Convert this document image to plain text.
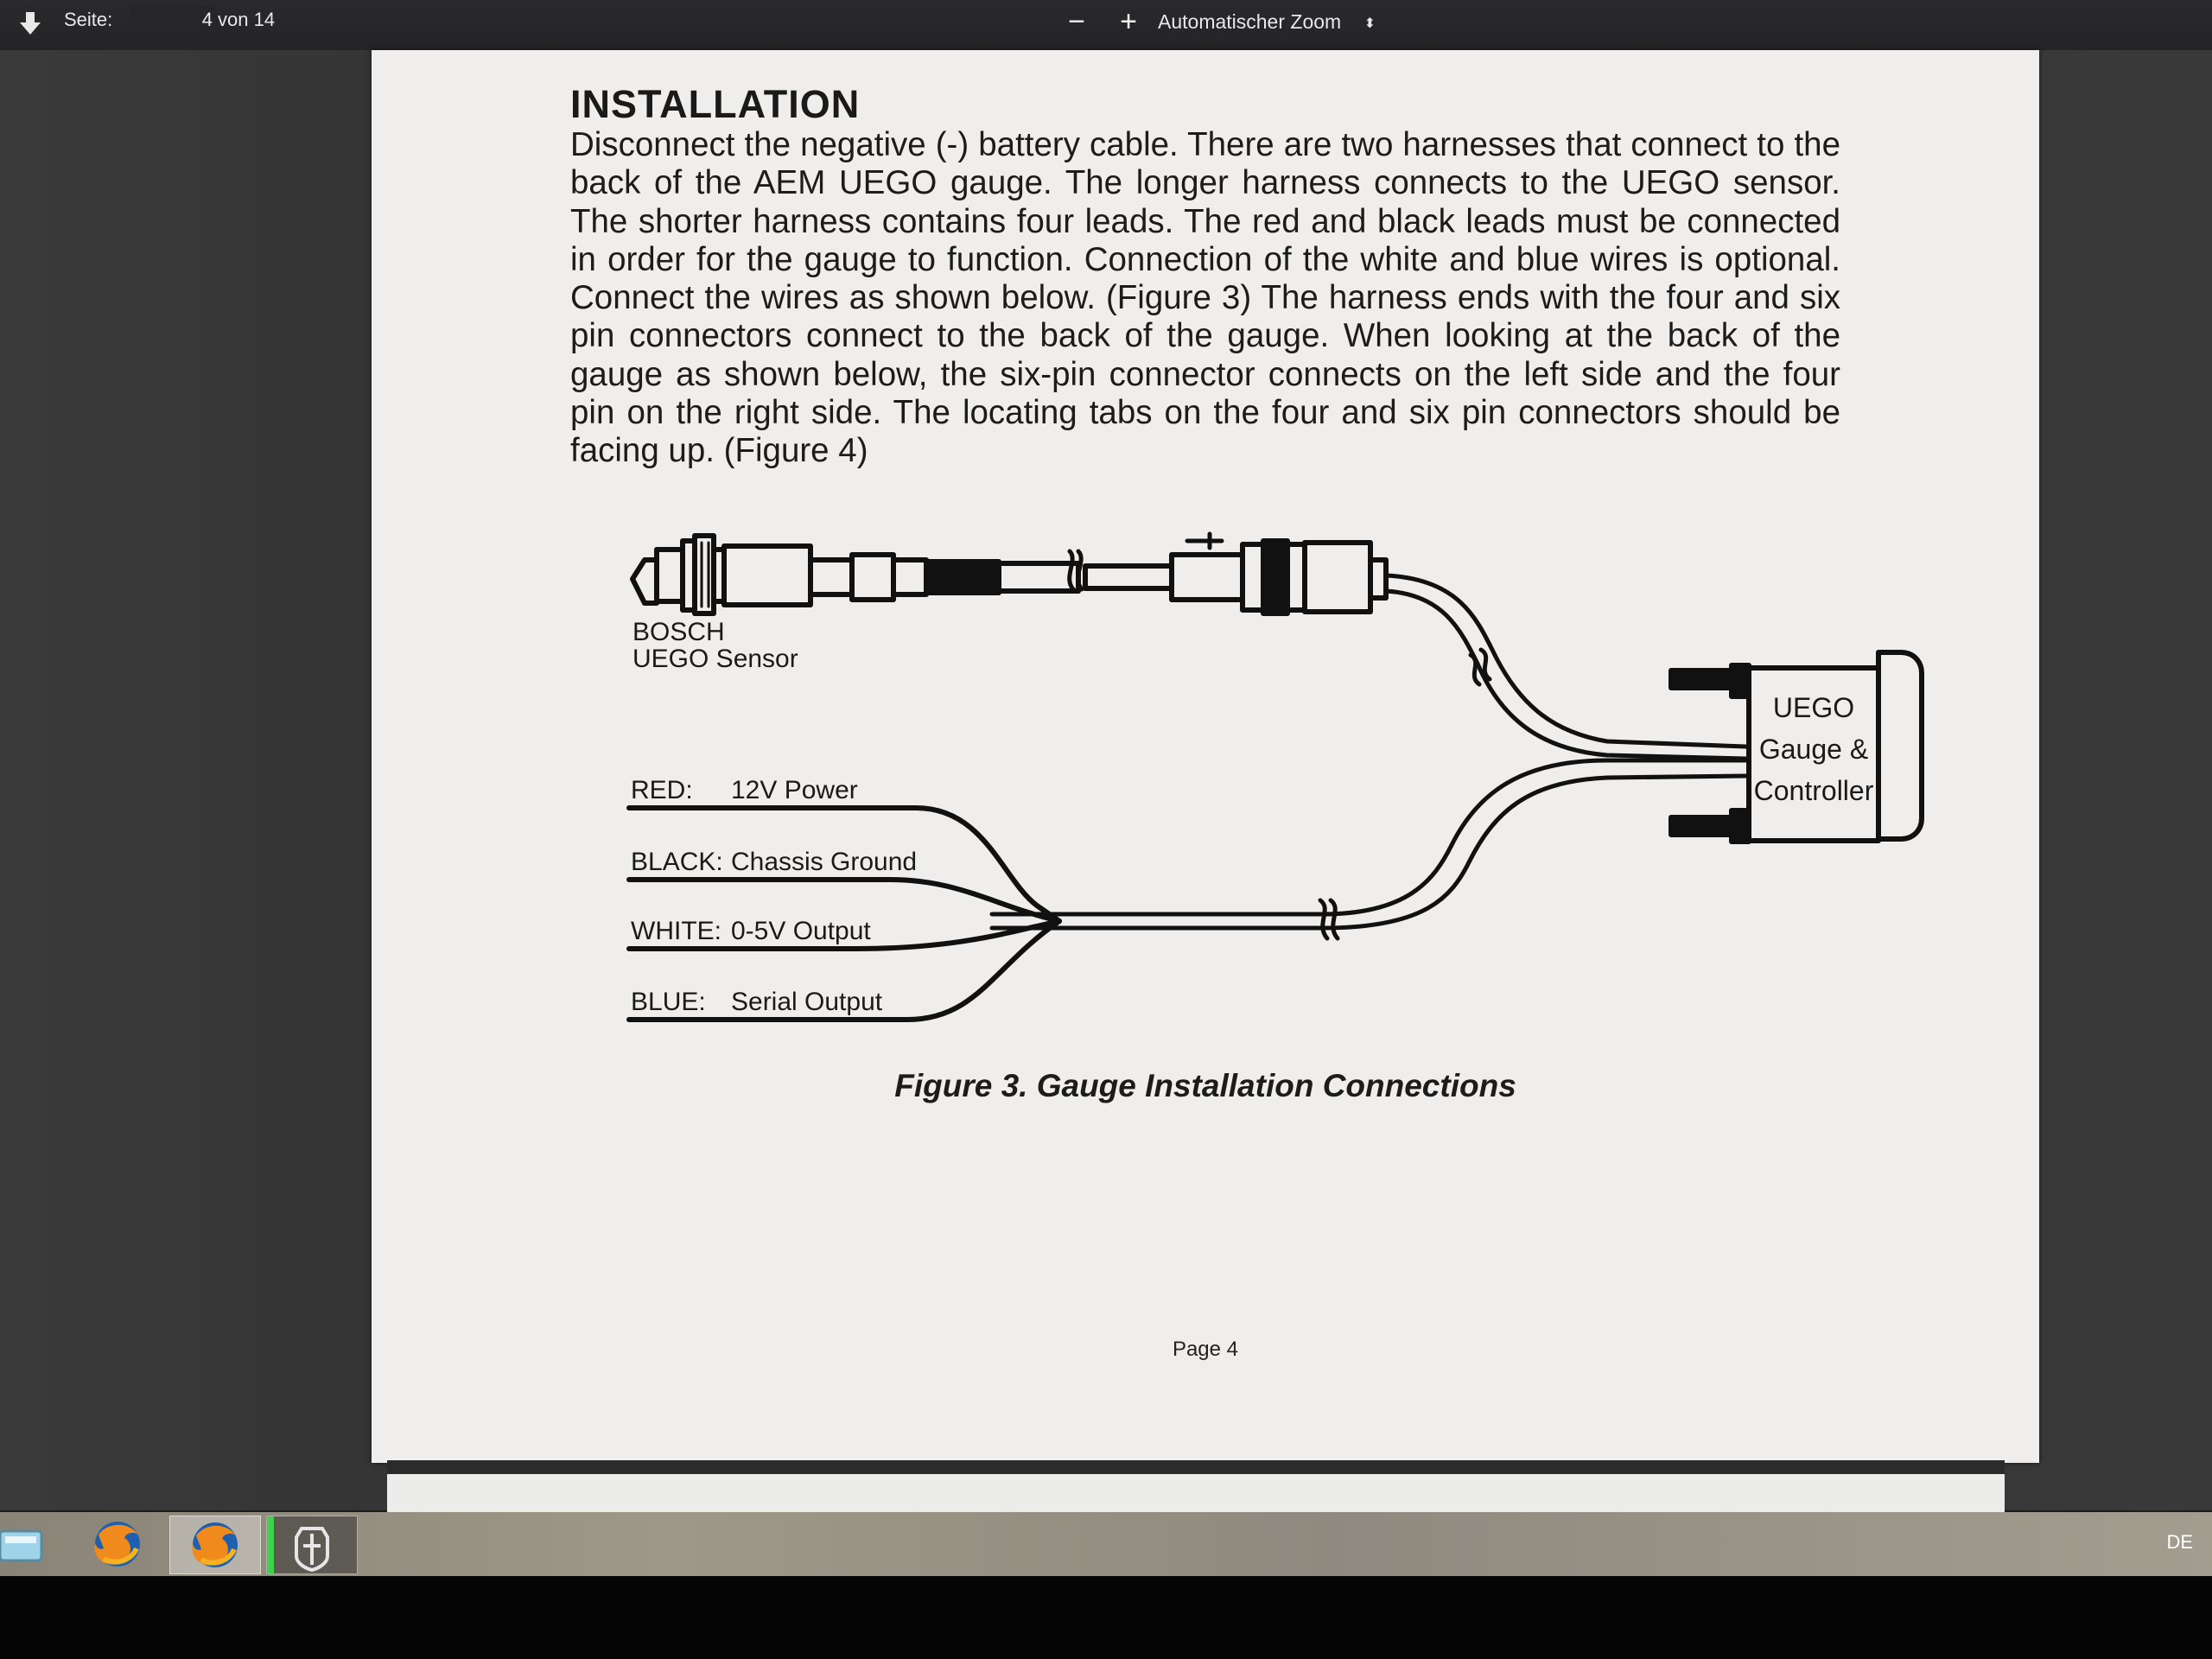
Seite:
4	von 14	− +	Automatischer Zoom ⬍
INSTALLATION
Disconnect the negative (-) battery cable. There are two harnesses that connect to the back of the AEM UEGO gauge. The longer harness connects to the UEGO sensor. The shorter harness contains four leads. The red and black leads must be connected in order for the gauge to function. Connection of the white and blue wires is optional. Connect the wires as shown below. (Figure 3) The harness ends with the four and six pin connectors connect to the back of the gauge. When looking at the back of the gauge as shown below, the six-pin connector connects on the left side and the four pin on the right side. The locating tabs on the four and six pin connectors should be facing up. (Figure 4)
BOSCH
UEGO Sensor
UEGO
Gauge &
Controller
RED: 12V Power
BLACK: Chassis Ground
WHITE: 0-5V Output
BLUE: Serial Output
Figure 3. Gauge Installation Connections
Page 4
DE
